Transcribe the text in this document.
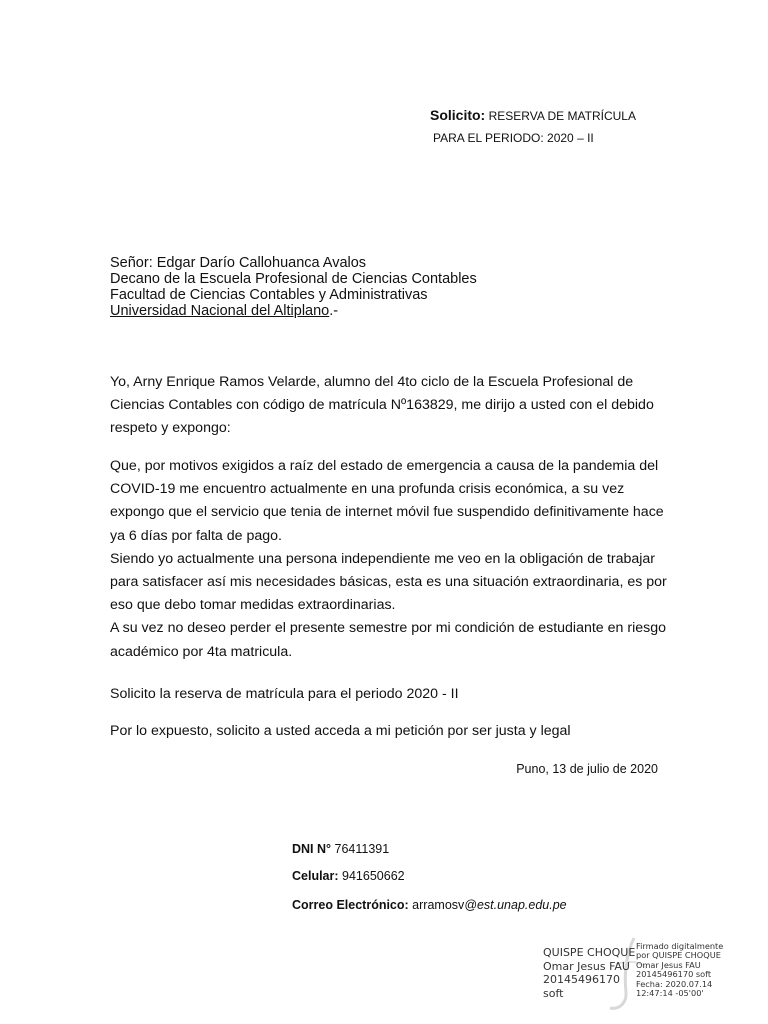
Solicito: RESERVA DE MATRÍCULA
PARA EL PERIODO: 2020 – II
Señor: Edgar Darío Callohuanca Avalos
Decano de la Escuela Profesional de Ciencias Contables
Facultad de Ciencias Contables y Administrativas
Universidad Nacional del Altiplano.-
Yo, Arny Enrique Ramos Velarde, alumno del 4to ciclo de la Escuela Profesional de
Ciencias Contables con código de matrícula Nº163829, me dirijo a usted con el debido
respeto y expongo:
Que, por motivos exigidos a raíz del estado de emergencia a causa de la pandemia del
COVID-19 me encuentro actualmente en una profunda crisis económica, a su vez
expongo que el servicio que tenia de internet móvil fue suspendido definitivamente hace
ya 6 días por falta de pago.
Siendo yo actualmente una persona independiente me veo en la obligación de trabajar
para satisfacer así mis necesidades básicas, esta es una situación extraordinaria, es por
eso que debo tomar medidas extraordinarias.
A su vez no deseo perder el presente semestre por mi condición de estudiante en riesgo
académico por 4ta matricula.
Solicito la reserva de matrícula para el periodo 2020 - II
Por lo expuesto, solicito a usted acceda a mi petición por ser justa y legal
Puno, 13 de julio de 2020
DNI N° 76411391
Celular: 941650662
Correo Electrónico: arramosv@est.unap.edu.pe
QUISPE CHOQUE
Omar Jesus FAU
20145496170
soft
Firmado digitalmente
por QUISPE CHOQUE
Omar Jesus FAU
20145496170 soft
Fecha: 2020.07.14
12:47:14 -05'00'
